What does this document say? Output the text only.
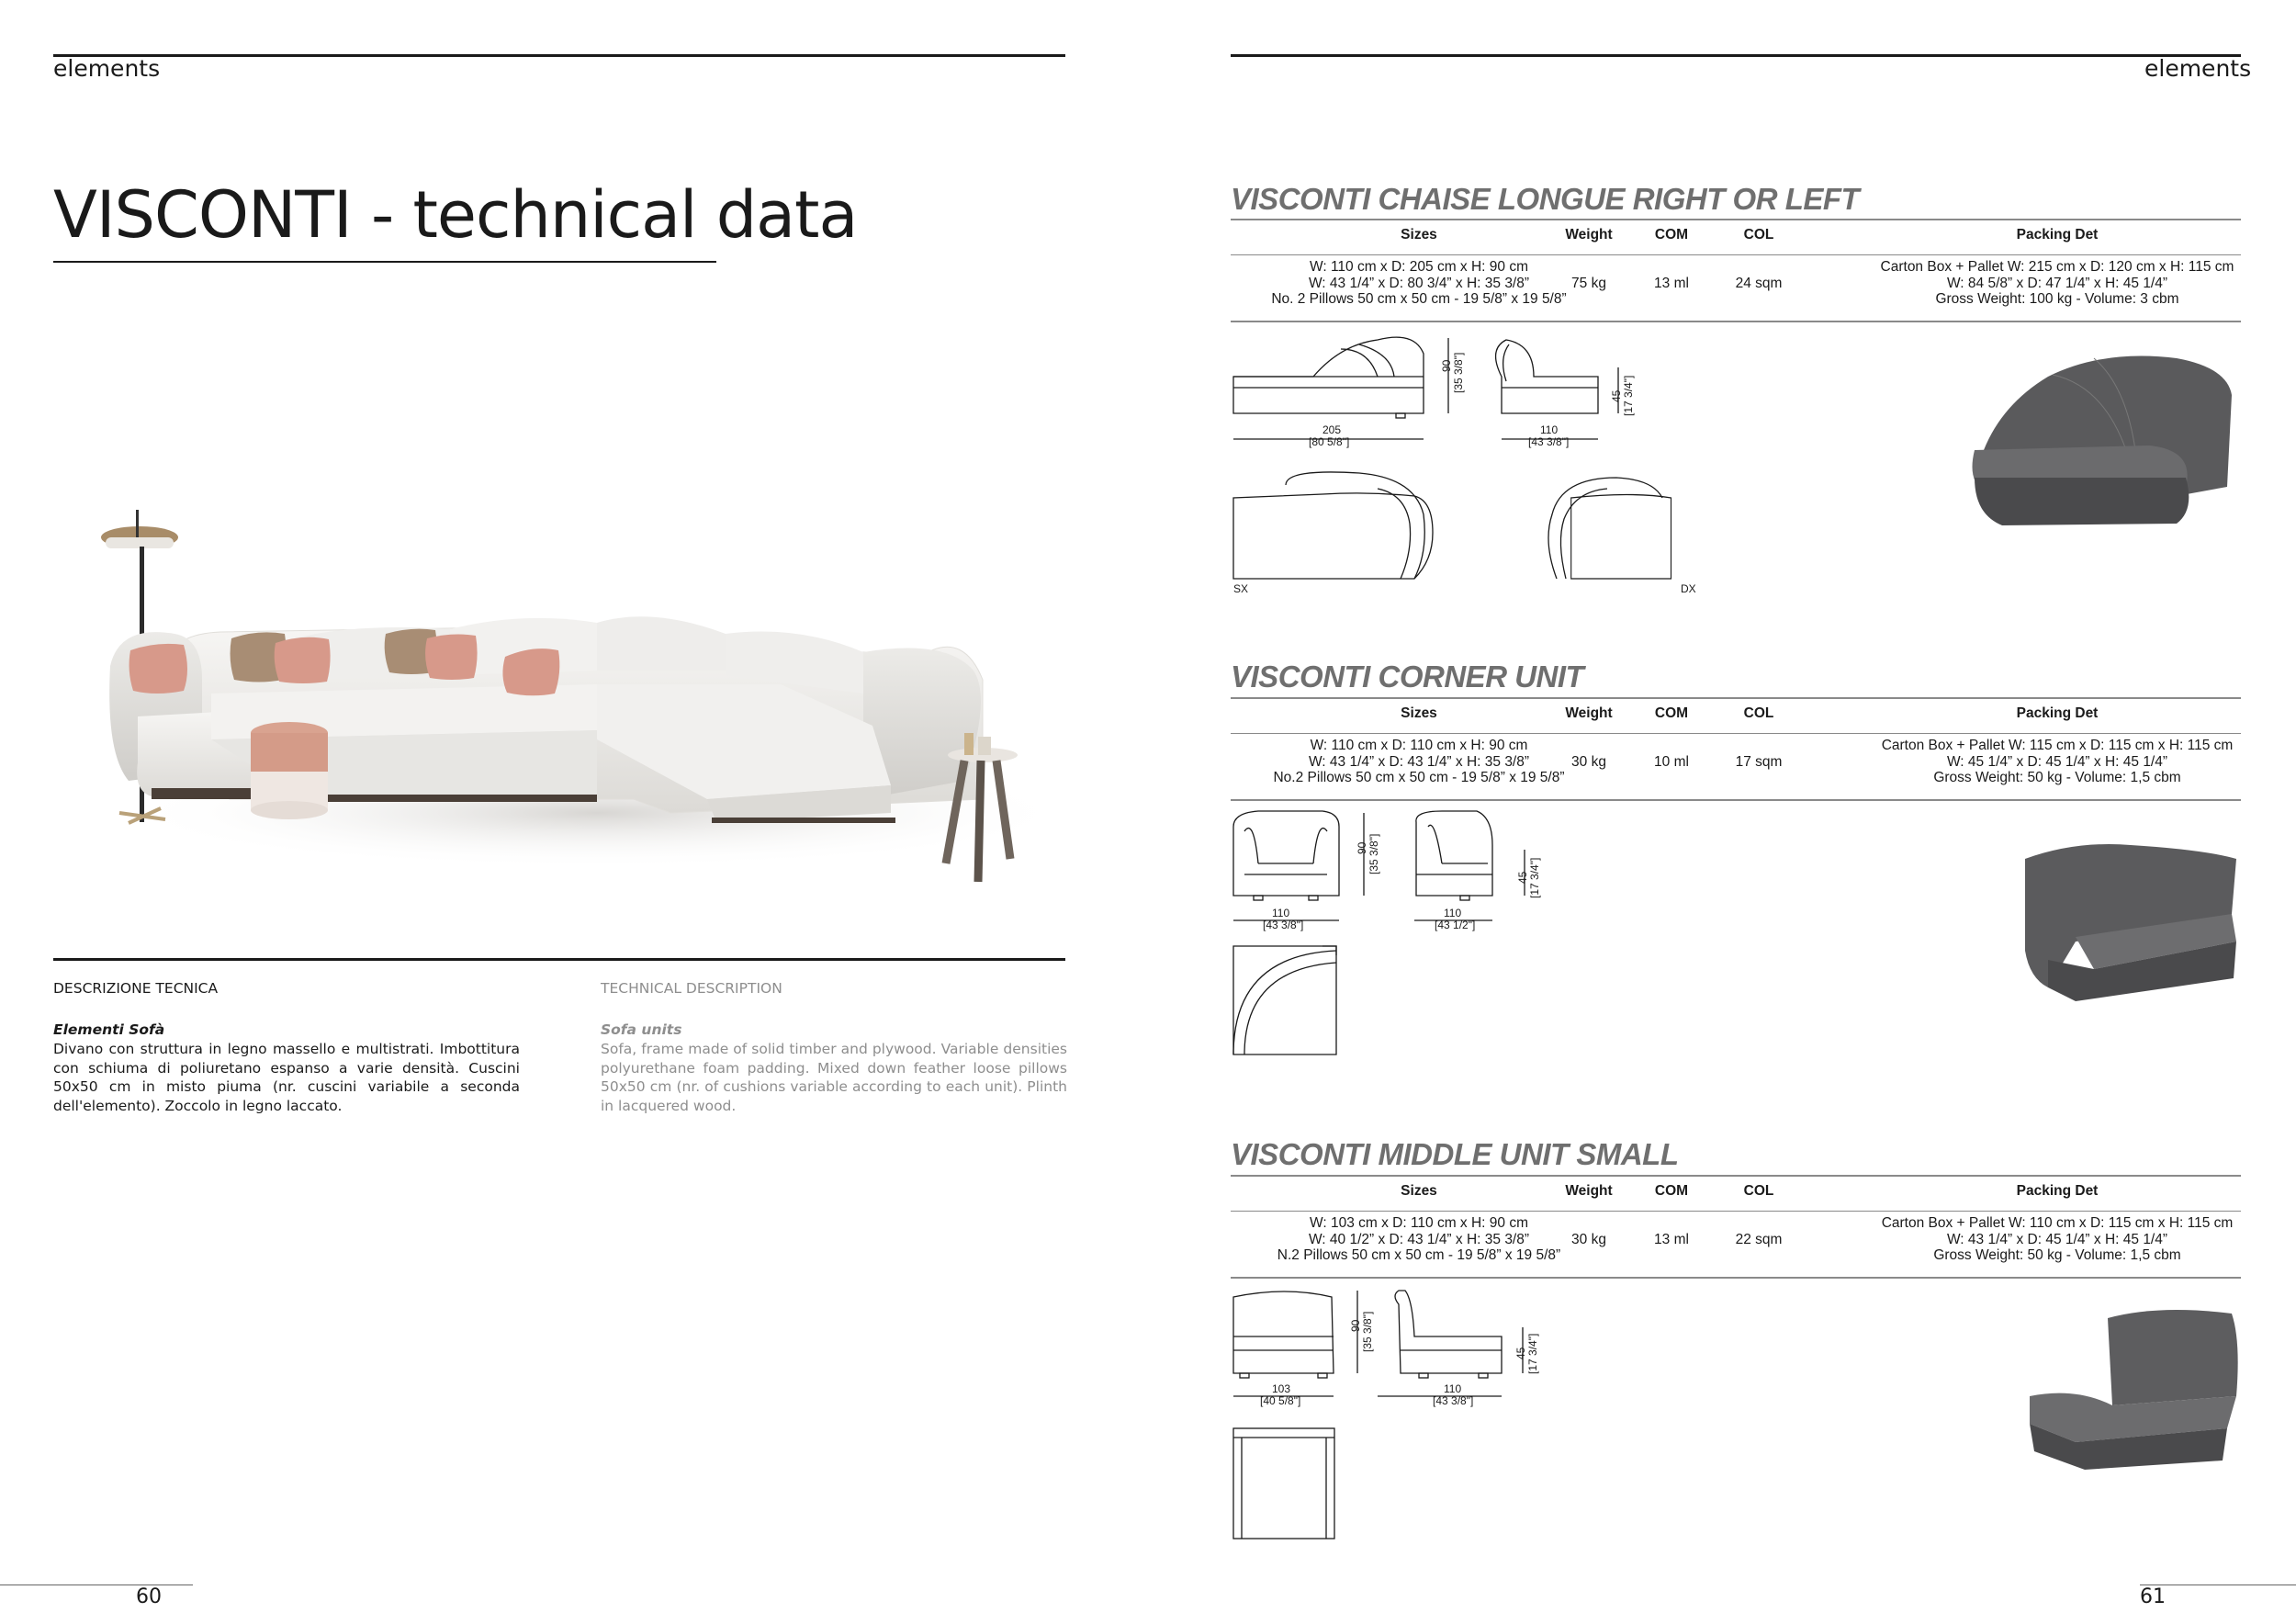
elements
VISCONTI - technical data
DESCRIZIONE TECNICA
Elementi Sofà
Divano con struttura in legno massello e multistrati. Imbottitura con schiuma di poliuretano espanso a varie densità. Cuscini 50x50 cm in misto piuma (nr. cuscini variabile a seconda dell'elemento). Zoccolo in legno laccato.
TECHNICAL DESCRIPTION
Sofa units
Sofa, frame made of solid timber and plywood. Variable densities polyurethane foam padding. Mixed down feather loose pillows 50x50 cm (nr. of cushions variable according to each unit). Plinth in lacquered wood.
60
elements
VISCONTI CHAISE LONGUE RIGHT OR LEFT
Sizes	Weight	COM	COL	Packing Det
W: 110 cm x D: 205 cm x H: 90 cm
W: 43 1/4” x D: 80 3/4” x H: 35 3/8”
No. 2 Pillows 50 cm x 50 cm - 19 5/8” x 19 5/8”
75 kg	13 ml	24 sqm
Carton Box + Pallet W: 215 cm x D: 120 cm x H: 115 cm
W: 84 5/8” x D: 47 1/4” x H: 45 1/4”
Gross Weight: 100 kg - Volume: 3 cbm
205
[80 5/8"]
110
[43 3/8"]
90 [35 3/8"]
45 [17 3/4"]
SX	DX
VISCONTI CORNER UNIT
Sizes	Weight	COM	COL	Packing Det
W: 110 cm x D: 110 cm x H: 90 cm
W: 43 1/4” x D: 43 1/4” x H: 35 3/8”
No.2 Pillows 50 cm x 50 cm - 19 5/8” x 19 5/8”
30 kg	10 ml	17 sqm
Carton Box + Pallet W: 115 cm x D: 115 cm x H: 115 cm
W: 45 1/4” x D: 45 1/4” x H: 45 1/4”
Gross Weight: 50 kg - Volume: 1,5 cbm
110
[43 3/8"]
110
[43 1/2"]
90 [35 3/8"]
45 [17 3/4"]
VISCONTI MIDDLE UNIT SMALL
Sizes	Weight	COM	COL	Packing Det
W: 103 cm x D: 110 cm x H: 90 cm
W: 40 1/2” x D: 43 1/4” x H: 35 3/8”
N.2 Pillows 50 cm x 50 cm - 19 5/8” x 19 5/8”
30 kg	13 ml	22 sqm
Carton Box + Pallet W: 110 cm x D: 115 cm x H: 115 cm
W: 43 1/4” x D: 45 1/4” x H: 45 1/4”
Gross Weight: 50 kg - Volume: 1,5 cbm
103
[40 5/8"]
110
[43 3/8"]
90 [35 3/8"]
45 [17 3/4"]
61
